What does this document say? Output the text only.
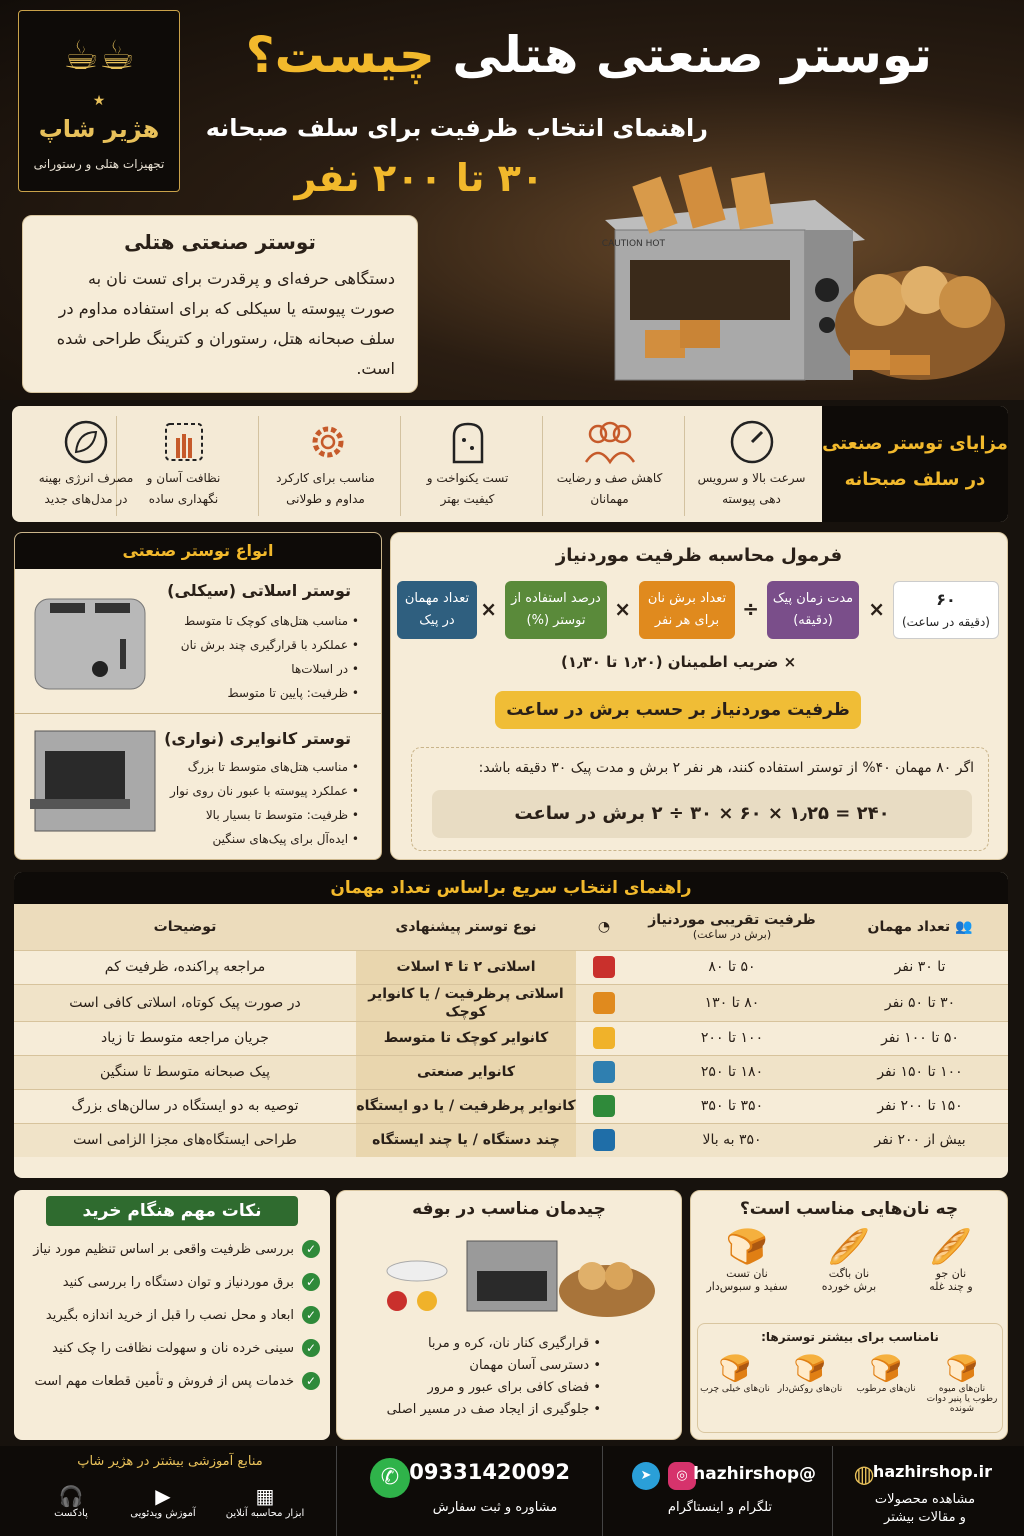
CAUTION HOT
☕☕
★
هژیر شاپ
تجهیزات هتلی و رستورانی
توستر صنعتی هتلی چیست؟
راهنمای انتخاب ظرفیت برای سلف صبحانه
۳۰ تا ۲۰۰ نفر
توستر صنعتی هتلی

دستگاهی حرفه‌ای و پرقدرت برای تست نان به صورت پیوسته یا سیکلی که برای استفاده مداوم در سلف صبحانه هتل، رستوران و کترینگ طراحی شده است.

مزایای توستر صنعتی
در سلف صبحانه
سرعت بالا و سرویس
دهی پیوسته
کاهش صف و رضایت
مهمانان
تست یکنواخت و
کیفیت بهتر
مناسب برای کارکرد
مداوم و طولانی
نظافت آسان و
نگهداری ساده
مصرف انرژی بهینه
در مدل‌های جدید
انواع توستر صنعتی
توستر اسلاتی (سیکلی)
• مناسب هتل‌های کوچک تا متوسط
• عملکرد با قرارگیری چند برش نان
• در اسلات‌ها
• ظرفیت: پایین تا متوسط
توستر کانوایری (نواری)
• مناسب هتل‌های متوسط تا بزرگ
• عملکرد پیوسته با عبور نان روی نوار
• ظرفیت: متوسط تا بسیار بالا
• ایده‌آل برای پیک‌های سنگین
فرمول محاسبه ظرفیت موردنیاز
۶۰
(دقیقه در ساعت)
×
مدت زمان پیک
(دقیقه)
÷
تعداد برش نان
برای هر نفر
×
درصد استفاده از
توستر (%)
×
تعداد مهمان
در پیک
× ضریب اطمینان (۱٫۲۰ تا ۱٫۳۰)
ظرفیت موردنیاز بر حسب برش در ساعت

اگر ۸۰ مهمان ۴۰% از توستر استفاده کنند، هر نفر ۲ برش و مدت پیک ۳۰ دقیقه باشد:

۲۴۰ = ۱٫۲۵ × ۶۰ × ۳۰ ÷ ۲ برش در ساعت
راهنمای انتخاب سریع براساس تعداد مهمان
👥 تعداد مهمان	ظرفیت تقریبی موردنیاز
(برش در ساعت)	◔	نوع توستر پیشنهادی	توضیحات
تا ۳۰ نفر	۵۰ تا ۸۰		اسلاتی ۲ تا ۴ اسلات	مراجعه پراکنده، ظرفیت کم
۳۰ تا ۵۰ نفر	۸۰ تا ۱۳۰		اسلاتی پرظرفیت / یا کانوایر کوچک	در صورت پیک کوتاه، اسلاتی کافی است
۵۰ تا ۱۰۰ نفر	۱۰۰ تا ۲۰۰		کانوایر کوچک تا متوسط	جریان مراجعه متوسط تا زیاد
۱۰۰ تا ۱۵۰ نفر	۱۸۰ تا ۲۵۰		کانوایر صنعتی	پیک صبحانه متوسط تا سنگین
۱۵۰ تا ۲۰۰ نفر	۳۵۰ تا ۳۵۰		کانوایر پرظرفیت / یا دو ایستگاه	توصیه به دو ایستگاه در سالن‌های بزرگ
بیش از ۲۰۰ نفر	۳۵۰ به بالا		چند دستگاه / یا چند ایستگاه	طراحی ایستگاه‌های مجزا الزامی است
چه نان‌هایی مناسب است؟
🥖
نان جو
و چند غله
🥖
نان باگت
برش خورده
🍞
نان تست
سفید و سبوس‌دار
نامناسب برای بیشتر توسترها:
🍞
نان‌های میوه رطوب یا پنیر دوات شونده
🍞
نان‌های مرطوب
🍞
نان‌های روکش‌دار
🍞
نان‌های خیلی چرب
چیدمان مناسب در بوفه
• قرارگیری کنار نان، کره و مربا
• دسترسی آسان مهمان
• فضای کافی برای عبور و مرور
• جلوگیری از ایجاد صف در مسیر اصلی
نکات مهم هنگام خرید
✓
بررسی ظرفیت واقعی بر اساس تنظیم مورد نیاز
✓
برق موردنیاز و توان دستگاه را بررسی کنید
✓
ابعاد و محل نصب را قبل از خرید اندازه بگیرید
✓
سینی خرده نان و سهولت نظافت را چک کنید
✓
خدمات پس از فروش و تأمین قطعات مهم است
منابع آموزشی بیشتر در هژیر شاپ
▦
ابزار محاسبه آنلاین
▶
آموزش ویدئویی
🎧
پادکست
✆ 09331420092
مشاوره و ثبت سفارش
➤	◎ @hazhirshop
تلگرام و اینستاگرام
◍
hazhirshop.ir
مشاهده محصولات
و مقالات بیشتر
